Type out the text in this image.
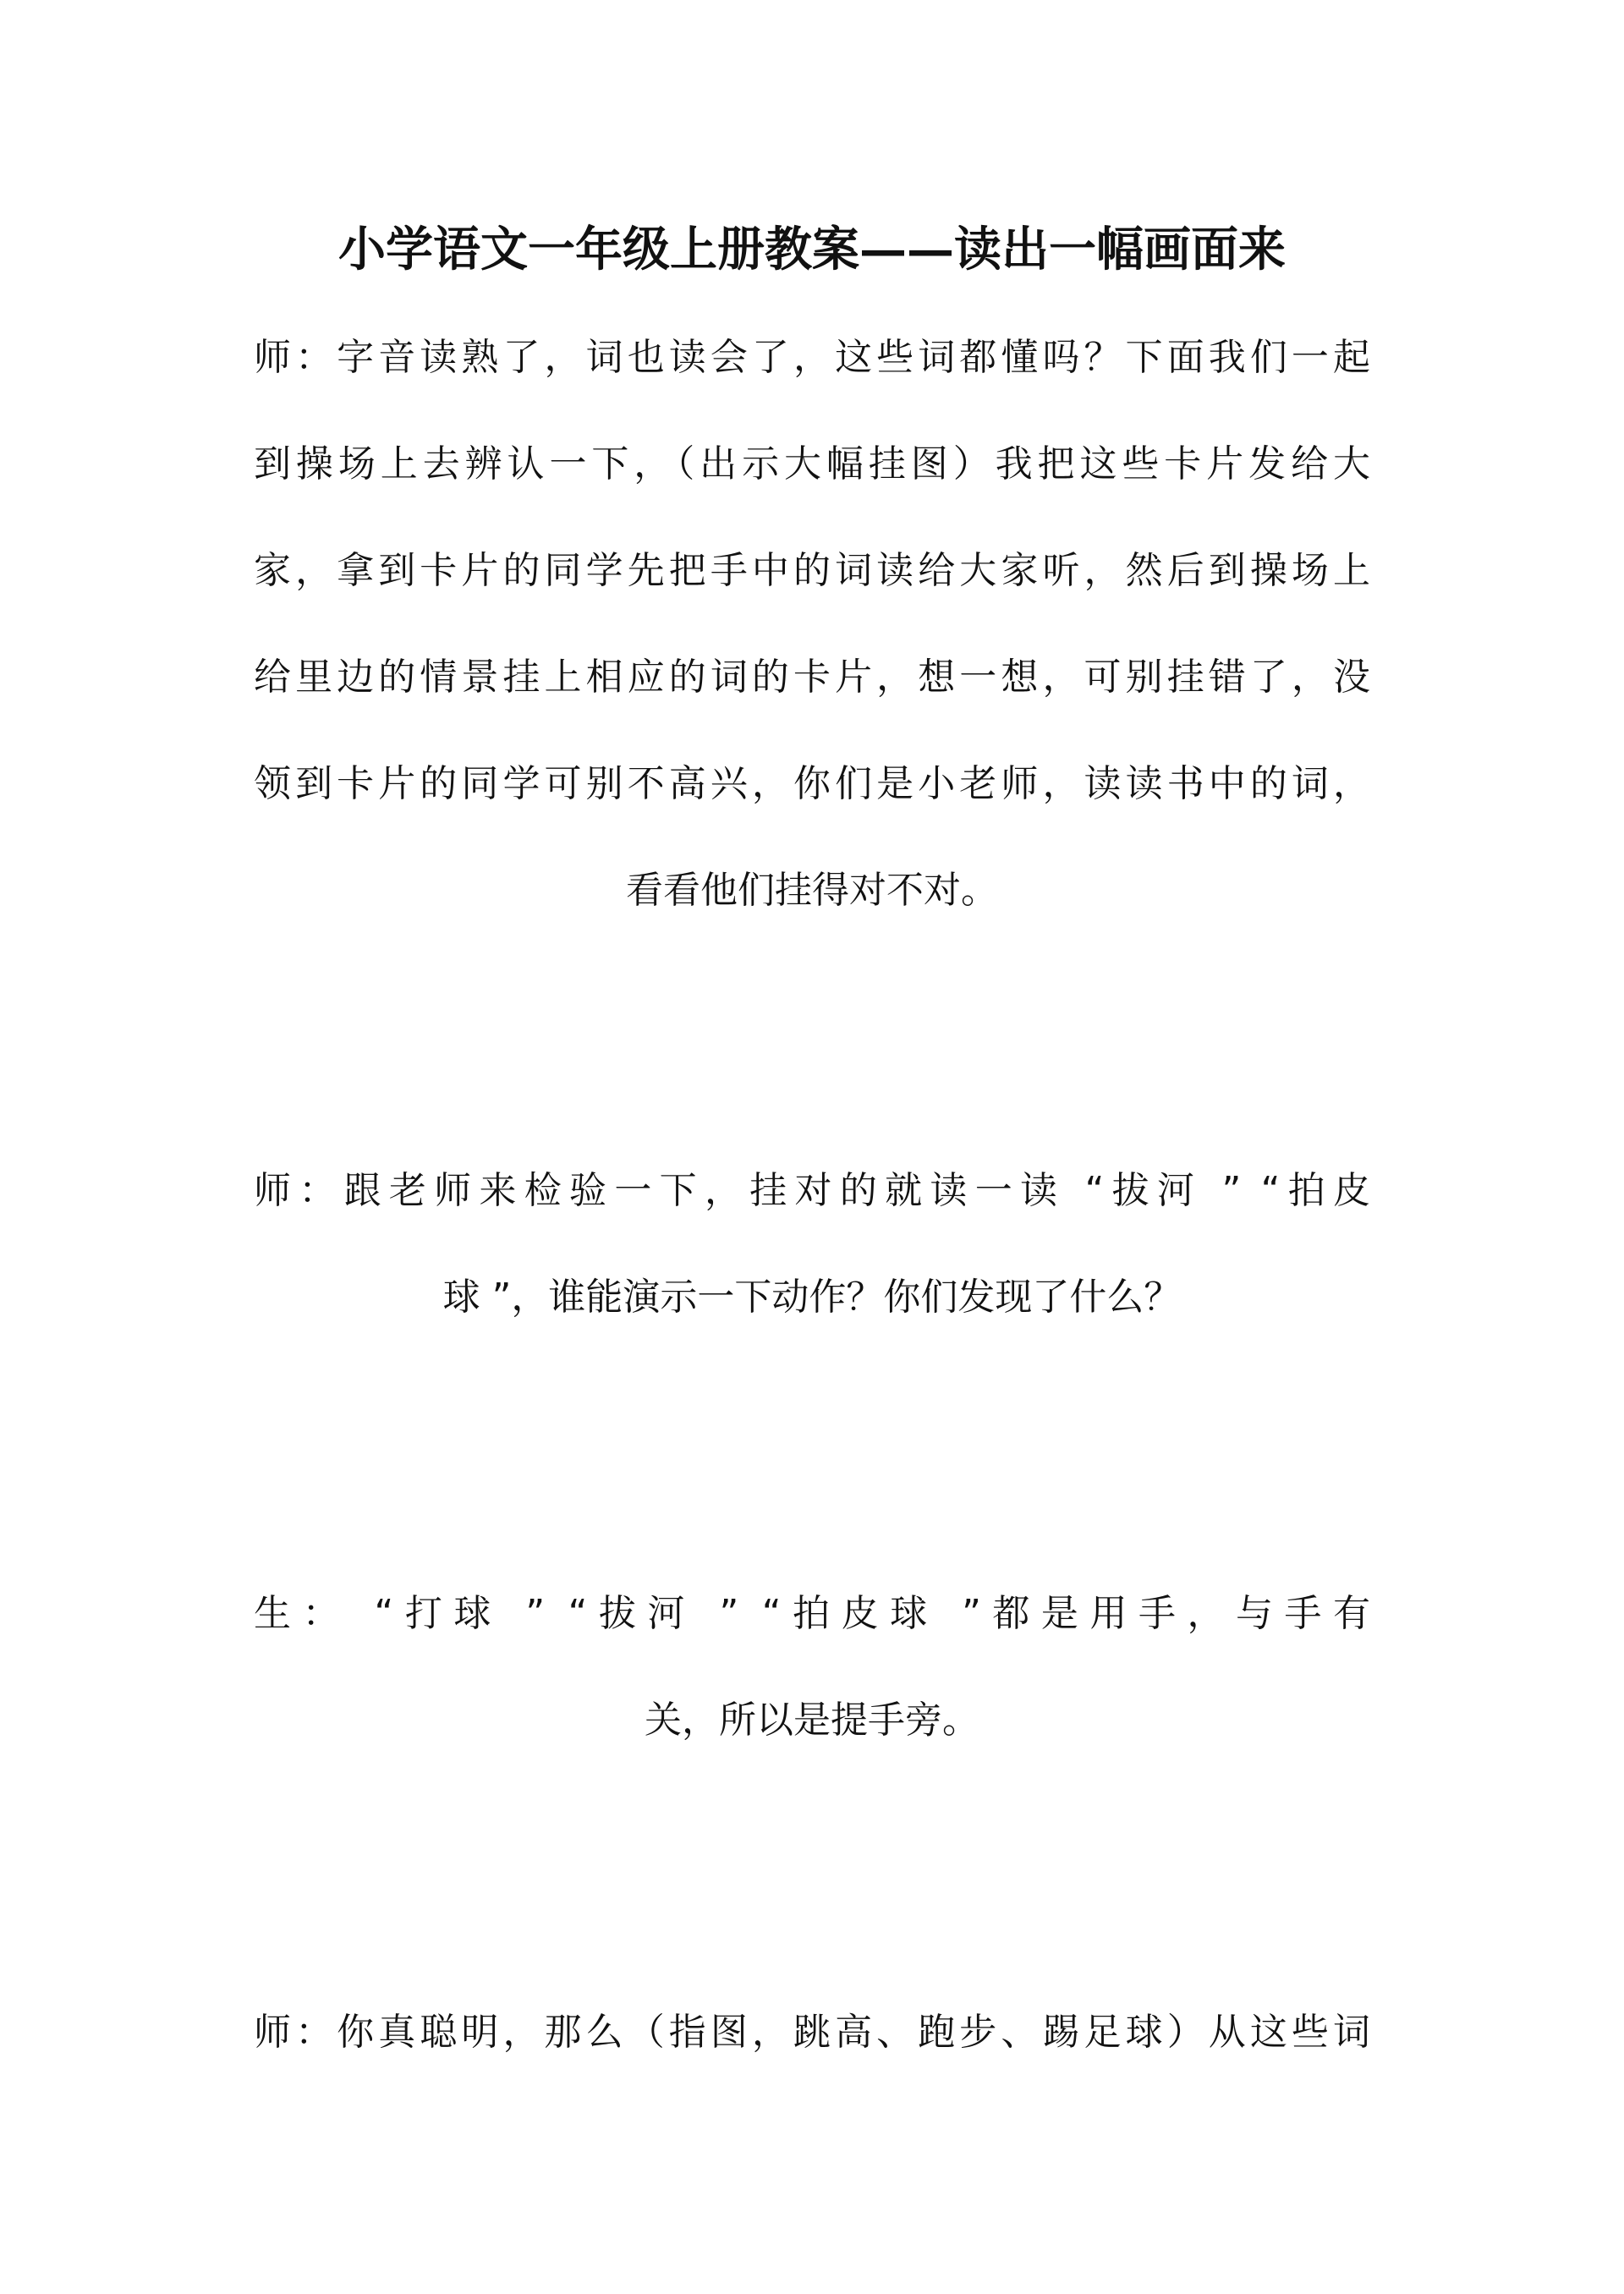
小学语文一年级上册教案——读出一幅画面来
师：字音读熟了，词也读会了，这些词都懂吗？下面我们一起
到操场上去辨认一下，（出示大幅挂图）我把这些卡片发给大
家，拿到卡片的同学先把手中的词读给大家听，然后到操场上
给里边的情景挂上相应的词的卡片，想一想，可别挂错了，没
领到卡片的同学可别不高兴，你们是小老师，读读书中的词，
看看他们挂得对不对。
师：跟老师来检验一下，挂对的就读一读 “拔河 ” “拍皮
球 ”，谁能演示一下动作？你们发现了什么？
生： “打球 ” “拔河 ” “拍皮球 ”都是用手，与手有
关，所以是提手旁。
师：你真聪明，那么（指图，跳高、跑步、踢足球）从这些词
